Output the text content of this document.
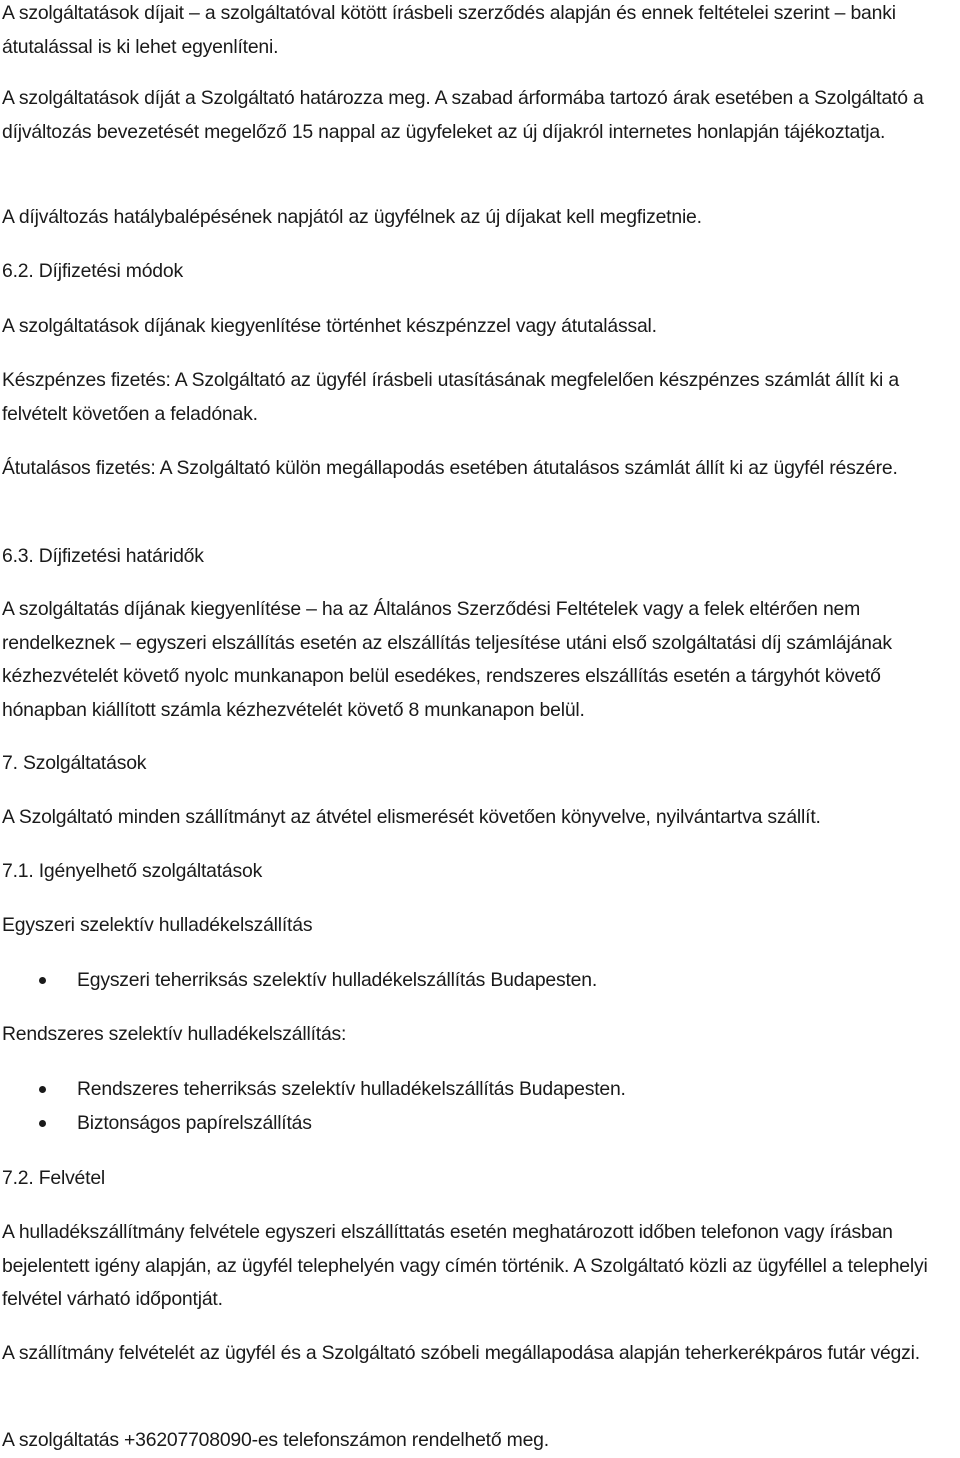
A szolgáltatások díjait – a szolgáltatóval kötött írásbeli szerződés alapján és ennek feltételei szerint – banki átutalással is ki lehet egyenlíteni.

A szolgáltatások díját a Szolgáltató határozza meg. A szabad árformába tartozó árak esetében a Szolgáltató a díjváltozás bevezetését megelőző 15 nappal az ügyfeleket az új díjakról internetes honlapján tájékoztatja.

A díjváltozás hatálybalépésének napjától az ügyfélnek az új díjakat kell megfizetnie.

6.2. Díjfizetési módok

A szolgáltatások díjának kiegyenlítése történhet készpénzzel vagy átutalással.

Készpénzes fizetés: A Szolgáltató az ügyfél írásbeli utasításának megfelelően készpénzes számlát állít ki a felvételt követően a feladónak.

Átutalásos fizetés: A Szolgáltató külön megállapodás esetében átutalásos számlát állít ki az ügyfél részére.

6.3. Díjfizetési határidők

A szolgáltatás díjának kiegyenlítése – ha az Általános Szerződési Feltételek vagy a felek eltérően nem rendelkeznek – egyszeri elszállítás esetén az elszállítás teljesítése utáni első szolgáltatási díj számlájának kézhezvételét követő nyolc munkanapon belül esedékes, rendszeres elszállítás esetén a tárgyhót követő hónapban kiállított számla kézhezvételét követő 8 munkanapon belül.

7. Szolgáltatások

A Szolgáltató minden szállítmányt az átvétel elismerését követően könyvelve, nyilvántartva szállít.

7.1. Igényelhető szolgáltatások

Egyszeri szelektív hulladékelszállítás

Egyszeri teherriksás szelektív hulladékelszállítás Budapesten.

Rendszeres szelektív hulladékelszállítás:

Rendszeres teherriksás szelektív hulladékelszállítás Budapesten.
Biztonságos papírelszállítás

7.2. Felvétel

A hulladékszállítmány felvétele egyszeri elszállíttatás esetén meghatározott időben telefonon vagy írásban bejelentett igény alapján, az ügyfél telephelyén vagy címén történik. A Szolgáltató közli az ügyféllel a telephelyi felvétel várható időpontját.

A szállítmány felvételét az ügyfél és a Szolgáltató szóbeli megállapodása alapján teherkerékpáros futár végzi.

A szolgáltatás +36207708090-es telefonszámon rendelhető meg.
